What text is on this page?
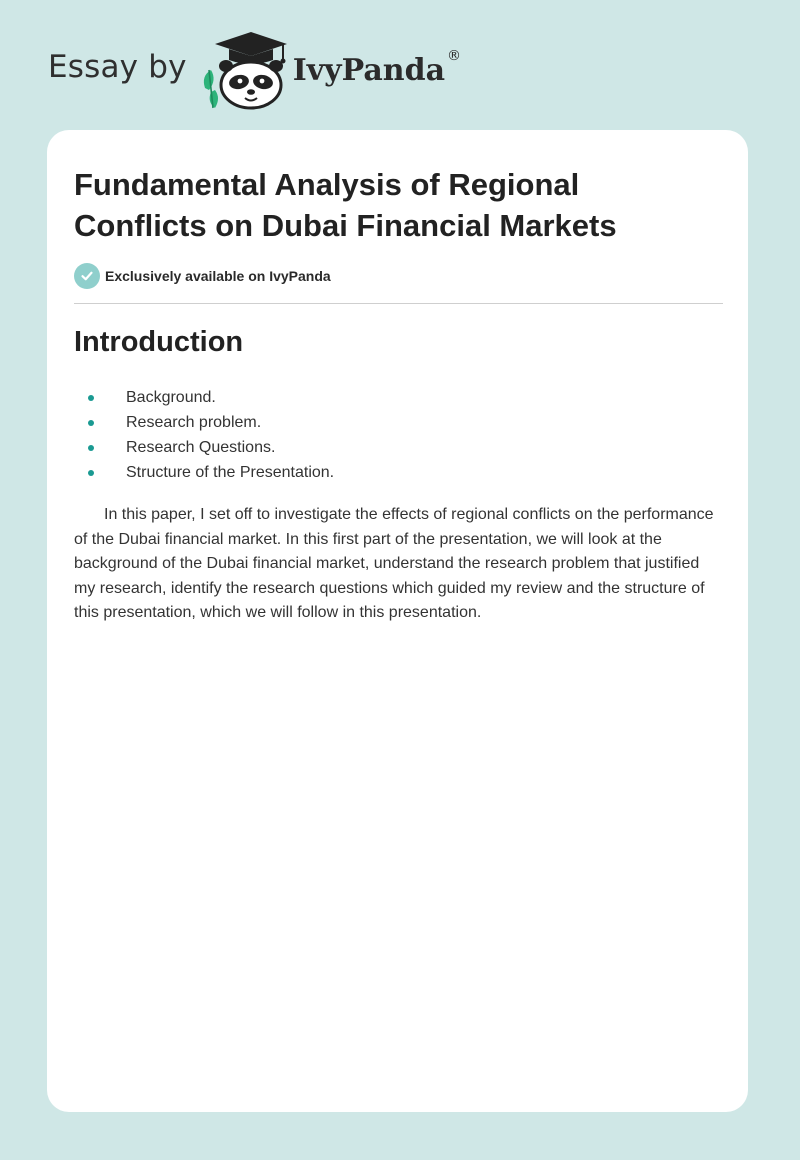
Essay by	IvyPanda ®
Fundamental Analysis of Regional Conflicts on Dubai Financial Markets
Exclusively available on IvyPanda
Introduction
Background.
Research problem.
Research Questions.
Structure of the Presentation.

In this paper, I set off to investigate the effects of regional conflicts on the performance of the Dubai financial market. In this first part of the presentation, we will look at the background of the Dubai financial market, understand the research problem that justified my research, identify the research questions which guided my review and the structure of this presentation, which we will follow in this presentation.
